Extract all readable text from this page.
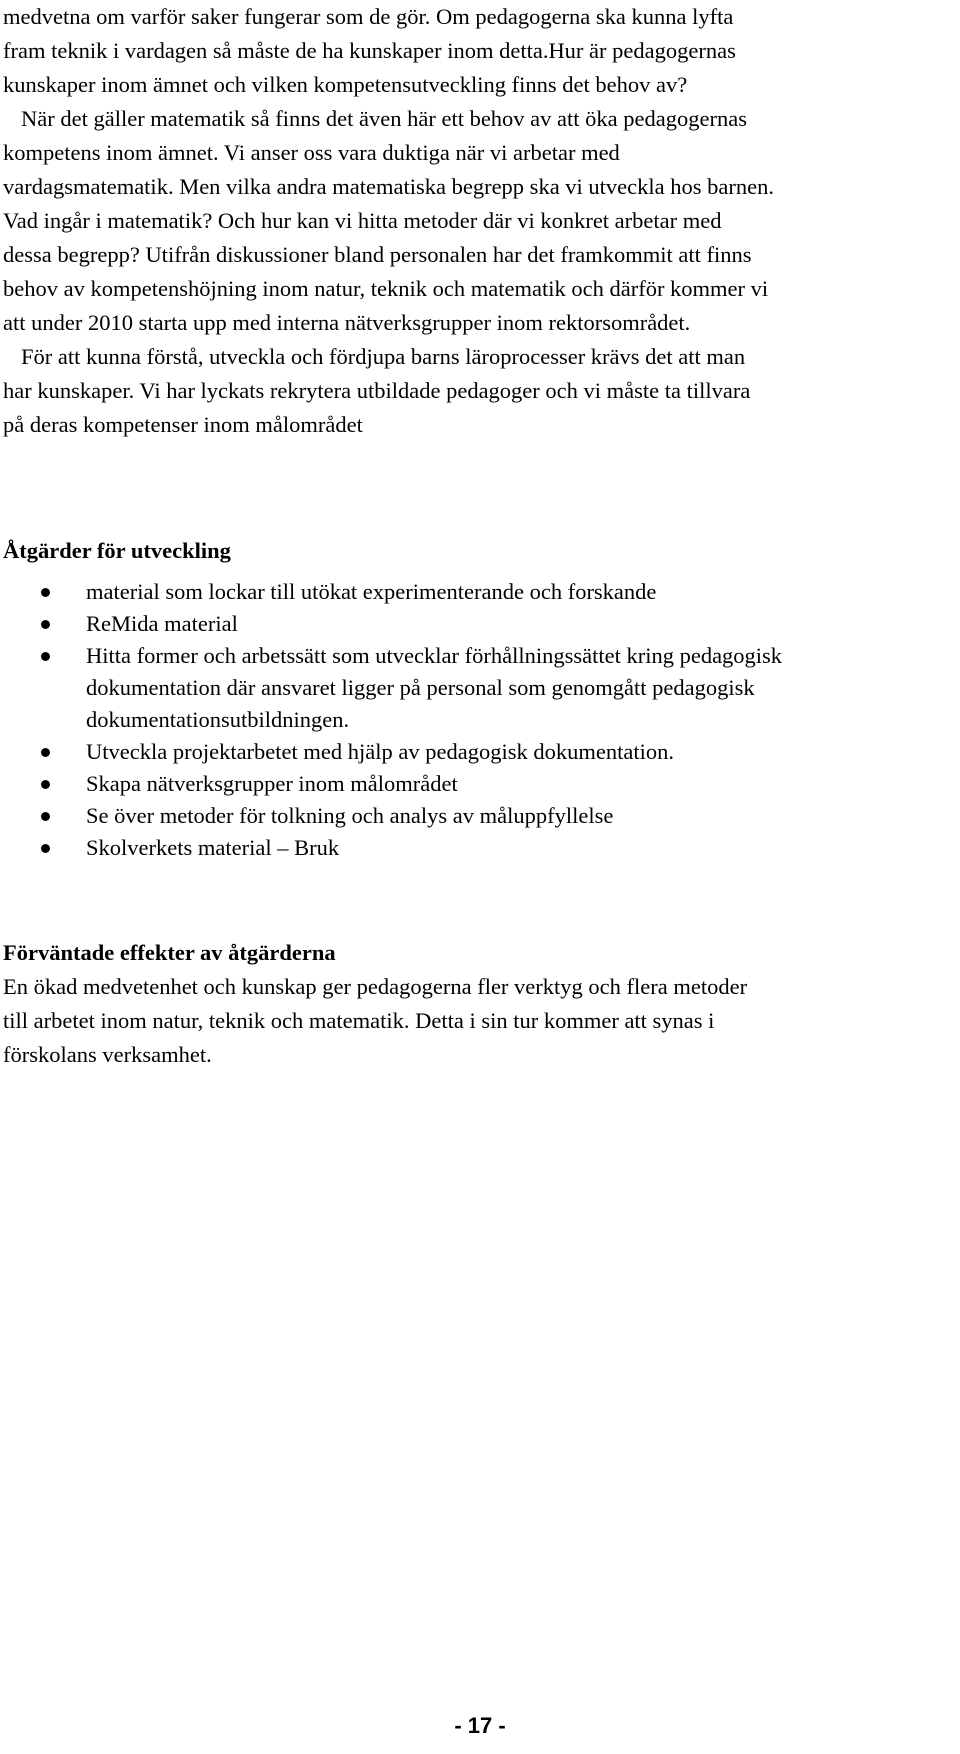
medvetna om varför saker fungerar som de gör. Om pedagogerna ska kunna lyfta
fram teknik i vardagen så måste de ha kunskaper inom detta.Hur är pedagogernas
kunskaper inom ämnet och vilken kompetensutveckling finns det behov av?
När det gäller matematik så finns det även här ett behov av att öka pedagogernas
kompetens inom ämnet. Vi anser oss vara duktiga när vi arbetar med
vardagsmatematik. Men vilka andra matematiska begrepp ska vi utveckla hos barnen.
Vad ingår i matematik? Och hur kan vi hitta metoder där vi konkret arbetar med
dessa begrepp? Utifrån diskussioner bland personalen har det framkommit att finns
behov av kompetenshöjning inom natur, teknik och matematik och därför kommer vi
att under 2010 starta upp med interna nätverksgrupper inom rektorsområdet.
För att kunna förstå, utveckla och fördjupa barns läroprocesser krävs det att man
har kunskaper. Vi har lyckats rekrytera utbildade pedagoger och vi måste ta tillvara
på deras kompetenser inom målområdet
Åtgärder för utveckling
material som lockar till utökat experimenterande och forskande
ReMida material
Hitta former och arbetssätt som utvecklar förhållningssättet kring pedagogisk
dokumentation där ansvaret ligger på personal som genomgått pedagogisk
dokumentationsutbildningen.
Utveckla projektarbetet med hjälp av pedagogisk dokumentation.
Skapa nätverksgrupper inom målområdet
Se över metoder för tolkning och analys av måluppfyllelse
Skolverkets material – Bruk
Förväntade effekter av åtgärderna
En ökad medvetenhet och kunskap ger pedagogerna fler verktyg och flera metoder
till arbetet inom natur, teknik och matematik. Detta i sin tur kommer att synas i
förskolans verksamhet.
- 17 -
